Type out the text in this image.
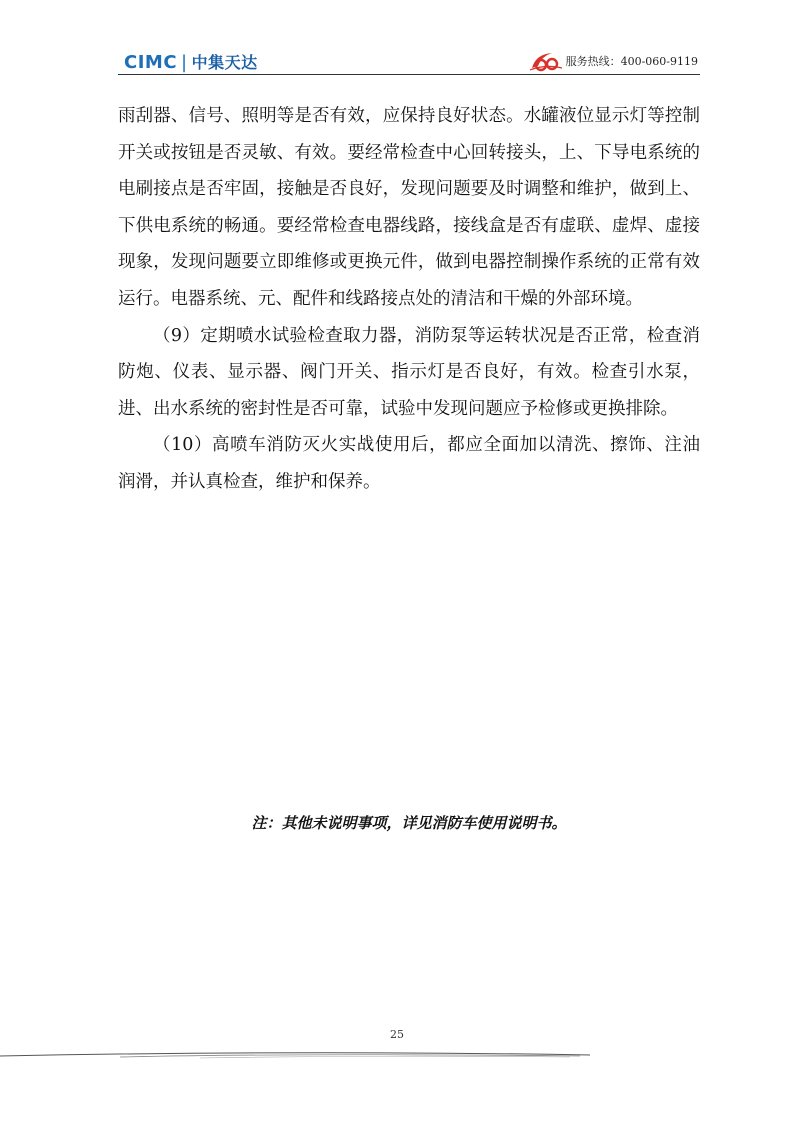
CIMC | 中集天达	服务热线：400-060-9119

雨刮器、信号、照明等是否有效，应保持良好状态。水罐液位显示灯等控制开关或按钮是否灵敏、有效。要经常检查中心回转接头，上、下导电系统的电刷接点是否牢固，接触是否良好，发现问题要及时调整和维护，做到上、下供电系统的畅通。要经常检查电器线路，接线盒是否有虚联、虚焊、虚接现象，发现问题要立即维修或更换元件，做到电器控制操作系统的正常有效运行。电器系统、元、配件和线路接点处的清洁和干燥的外部环境。

（9）定期喷水试验检查取力器，消防泵等运转状况是否正常，检查消防炮、仪表、显示器、阀门开关、指示灯是否良好，有效。检查引水泵，进、出水系统的密封性是否可靠，试验中发现问题应予检修或更换排除。

（10）高喷车消防灭火实战使用后，都应全面加以清洗、擦饰、注油润滑，并认真检查，维护和保养。

注：其他未说明事项，详见消防车使用说明书。
25
